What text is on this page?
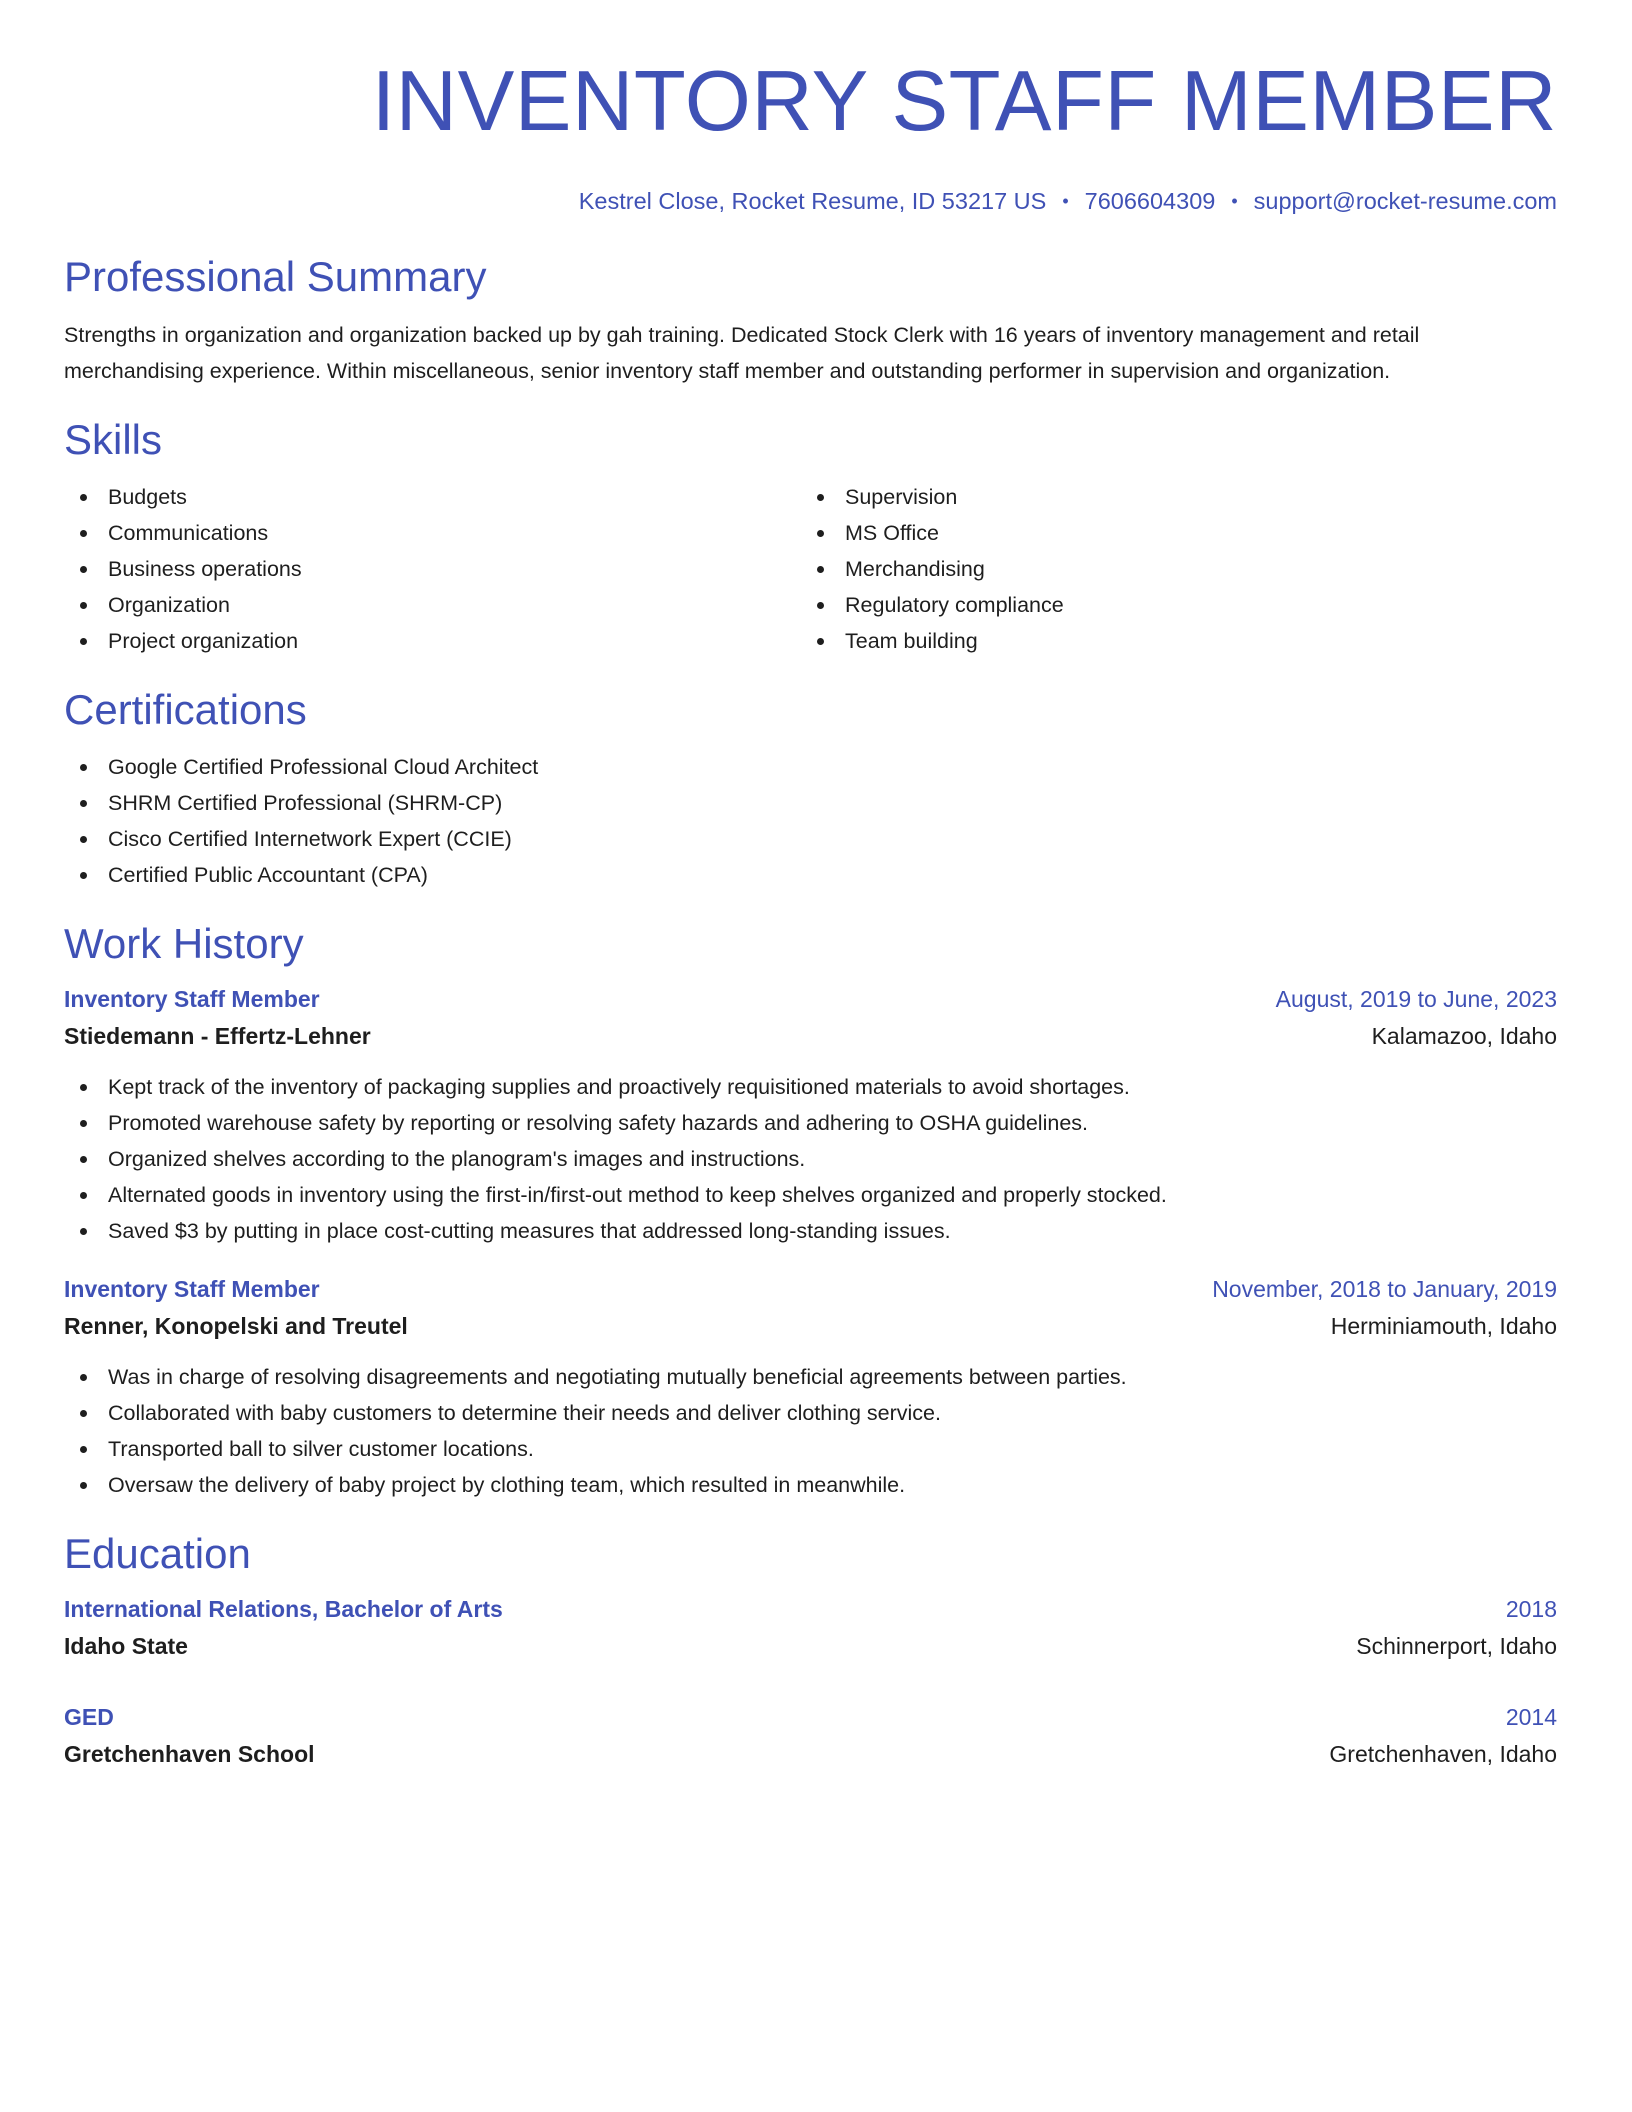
INVENTORY STAFF MEMBER
Kestrel Close, Rocket Resume, ID 53217 US • 7606604309 • support@rocket-resume.com
Professional Summary

Strengths in organization and organization backed up by gah training. Dedicated Stock Clerk with 16 years of inventory management and retail merchandising experience. Within miscellaneous, senior inventory staff member and outstanding performer in supervision and organization.

Skills
Budgets
Communications
Business operations
Organization
Project organization
Supervision
MS Office
Merchandising
Regulatory compliance
Team building
Certifications
Google Certified Professional Cloud Architect
SHRM Certified Professional (SHRM-CP)
Cisco Certified Internetwork Expert (CCIE)
Certified Public Accountant (CPA)
Work History
Inventory Staff Member	August, 2019 to June, 2023
Stiedemann - Effertz-Lehner	Kalamazoo, Idaho
Kept track of the inventory of packaging supplies and proactively requisitioned materials to avoid shortages.
Promoted warehouse safety by reporting or resolving safety hazards and adhering to OSHA guidelines.
Organized shelves according to the planogram's images and instructions.
Alternated goods in inventory using the first-in/first-out method to keep shelves organized and properly stocked.
Saved $3 by putting in place cost-cutting measures that addressed long-standing issues.
Inventory Staff Member	November, 2018 to January, 2019
Renner, Konopelski and Treutel	Herminiamouth, Idaho
Was in charge of resolving disagreements and negotiating mutually beneficial agreements between parties.
Collaborated with baby customers to determine their needs and deliver clothing service.
Transported ball to silver customer locations.
Oversaw the delivery of baby project by clothing team, which resulted in meanwhile.
Education
International Relations, Bachelor of Arts	2018
Idaho State	Schinnerport, Idaho
GED	2014
Gretchenhaven School	Gretchenhaven, Idaho
